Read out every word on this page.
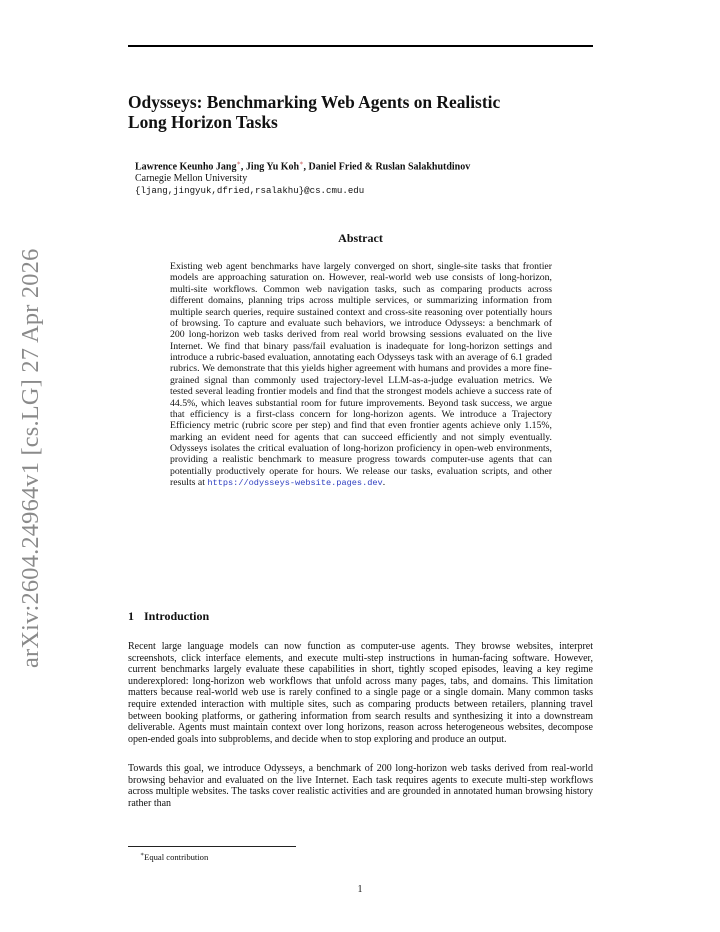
arXiv:2604.24964v1 [cs.LG] 27 Apr 2026
Odysseys: Benchmarking Web Agents on Realistic
Long Horizon Tasks
Lawrence Keunho Jang∗, Jing Yu Koh∗, Daniel Fried & Ruslan Salakhutdinov
Carnegie Mellon University
{ljang,jingyuk,dfried,rsalakhu}@cs.cmu.edu
Abstract

Existing web agent benchmarks have largely converged on short, single-site tasks that frontier models are approaching saturation on. However, real-world web use consists of long-horizon, multi-site workflows. Common web navigation tasks, such as comparing products across different domains, planning trips across multiple services, or summarizing information from multiple search queries, require sustained context and cross-site reasoning over potentially hours of browsing. To capture and evaluate such behaviors, we introduce Odysseys: a benchmark of 200 long-horizon web tasks derived from real world browsing sessions evaluated on the live Internet. We find that binary pass/fail evaluation is inadequate for long-horizon settings and introduce a rubric-based evaluation, annotating each Odysseys task with an average of 6.1 graded rubrics. We demonstrate that this yields higher agreement with humans and provides a more fine-grained signal than commonly used trajectory-level LLM-as-a-judge evaluation metrics. We tested several leading frontier models and find that the strongest models achieve a success rate of 44.5%, which leaves substantial room for future improvements. Beyond task success, we argue that efficiency is a first-class concern for long-horizon agents. We introduce a Trajectory Efficiency metric (rubric score per step) and find that even frontier agents achieve only 1.15%, marking an evident need for agents that can succeed efficiently and not simply eventually. Odysseys isolates the critical evaluation of long-horizon proficiency in open-web environments, providing a realistic benchmark to measure progress towards computer-use agents that can potentially productively operate for hours. We release our tasks, evaluation scripts, and other results at https://odysseys-website.pages.dev.

1 Introduction

Recent large language models can now function as computer-use agents. They browse websites, interpret screenshots, click interface elements, and execute multi-step instructions in human-facing software. However, current benchmarks largely evaluate these capabilities in short, tightly scoped episodes, leaving a key regime underexplored: long-horizon web workflows that unfold across many pages, tabs, and domains. This limitation matters because real-world web use is rarely confined to a single page or a single domain. Many common tasks require extended interaction with multiple sites, such as comparing products between retailers, planning travel between booking platforms, or gathering information from search results and synthesizing it into a downstream deliverable. Agents must maintain context over long horizons, reason across heterogeneous websites, decompose open-ended goals into subproblems, and decide when to stop exploring and produce an output.

Towards this goal, we introduce Odysseys, a benchmark of 200 long-horizon web tasks derived from real-world browsing behavior and evaluated on the live Internet. Each task requires agents to execute multi-step workflows across multiple websites. The tasks cover realistic activities and are grounded in annotated human browsing history rather than

∗Equal contribution

1
